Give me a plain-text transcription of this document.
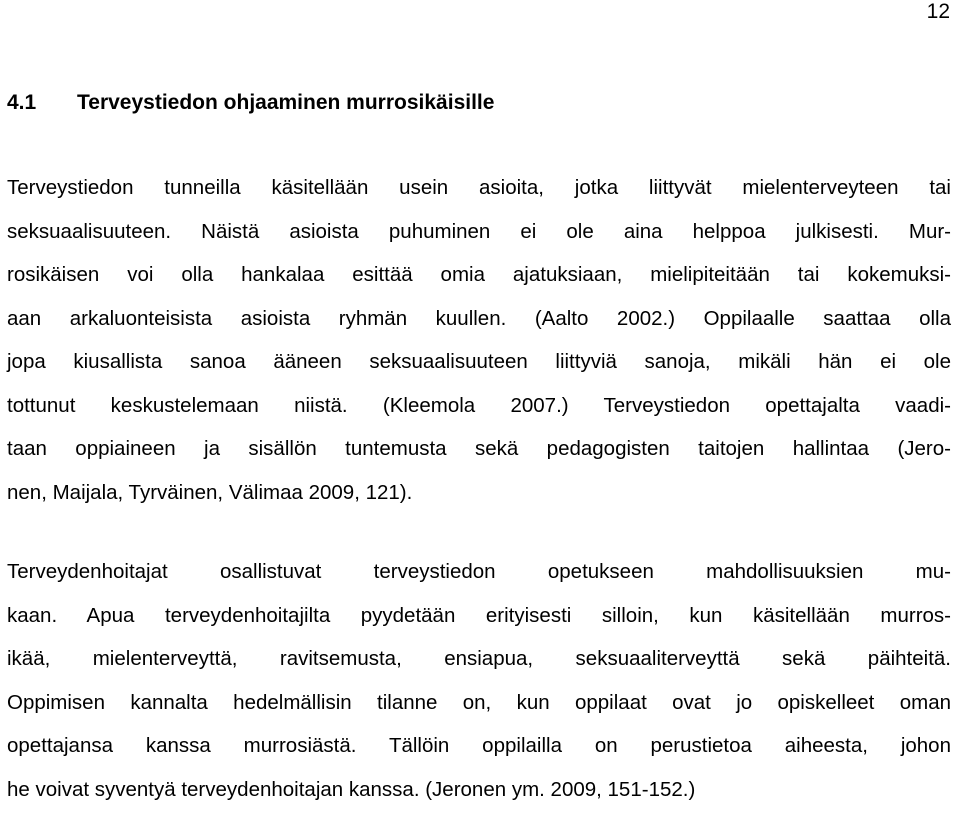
12
4.1 Terveystiedon ohjaaminen murrosikäisille
Terveystiedon tunneilla käsitellään usein asioita, jotka liittyvät mielenterveyteen tai
seksuaalisuuteen. Näistä asioista puhuminen ei ole aina helppoa julkisesti. Mur-
rosikäisen voi olla hankalaa esittää omia ajatuksiaan, mielipiteitään tai kokemuksi-
aan arkaluonteisista asioista ryhmän kuullen. (Aalto 2002.) Oppilaalle saattaa olla
jopa kiusallista sanoa ääneen seksuaalisuuteen liittyviä sanoja, mikäli hän ei ole
tottunut keskustelemaan niistä. (Kleemola 2007.) Terveystiedon opettajalta vaadi-
taan oppiaineen ja sisällön tuntemusta sekä pedagogisten taitojen hallintaa (Jero-
nen, Maijala, Tyrväinen, Välimaa 2009, 121).
Terveydenhoitajat osallistuvat terveystiedon opetukseen mahdollisuuksien mu-
kaan. Apua terveydenhoitajilta pyydetään erityisesti silloin, kun käsitellään murros-
ikää, mielenterveyttä, ravitsemusta, ensiapua, seksuaaliterveyttä sekä päihteitä.
Oppimisen kannalta hedelmällisin tilanne on, kun oppilaat ovat jo opiskelleet oman
opettajansa kanssa murrosiästä. Tällöin oppilailla on perustietoa aiheesta, johon
he voivat syventyä terveydenhoitajan kanssa. (Jeronen ym. 2009, 151-152.)
